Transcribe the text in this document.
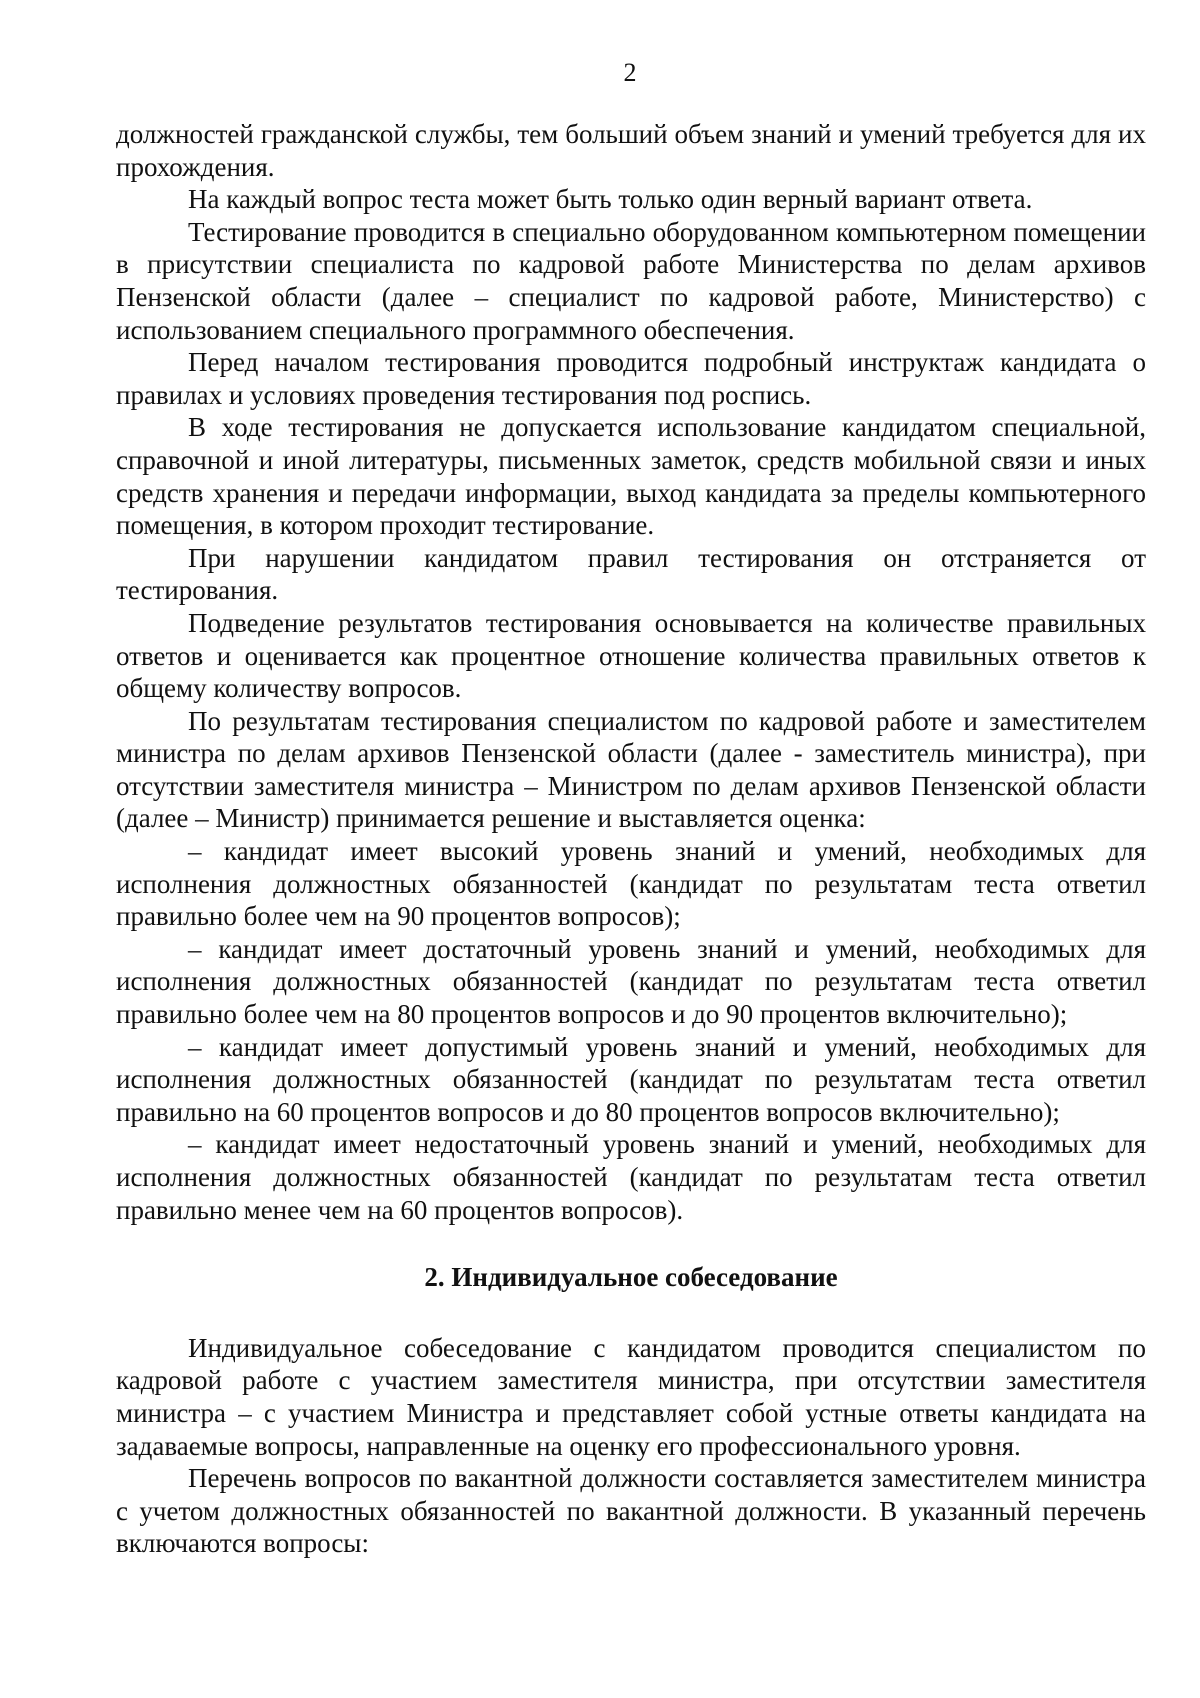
2

должностей гражданской службы, тем больший объем знаний и умений требуется для их прохождения.

На каждый вопрос теста может быть только один верный вариант ответа.

Тестирование проводится в специально оборудованном компьютерном помещении в присутствии специалиста по кадровой работе Министерства по делам архивов Пензенской области (далее – специалист по кадровой работе, Министерство) с использованием специального программного обеспечения.

Перед началом тестирования проводится подробный инструктаж кандидата о правилах и условиях проведения тестирования под роспись.

В ходе тестирования не допускается использование кандидатом специальной, справочной и иной литературы, письменных заметок, средств мобильной связи и иных средств хранения и передачи информации, выход кандидата за пределы компьютерного помещения, в котором проходит тестирование.

При нарушении кандидатом правил тестирования он отстраняется от тестирования.

Подведение результатов тестирования основывается на количестве правильных ответов и оценивается как процентное отношение количества правильных ответов к общему количеству вопросов.

По результатам тестирования специалистом по кадровой работе и заместителем министра по делам архивов Пензенской области (далее - заместитель министра), при отсутствии заместителя министра – Министром по делам архивов Пензенской области (далее – Министр) принимается решение и выставляется оценка:

– кандидат имеет высокий уровень знаний и умений, необходимых для исполнения должностных обязанностей (кандидат по результатам теста ответил правильно более чем на 90 процентов вопросов);

– кандидат имеет достаточный уровень знаний и умений, необходимых для исполнения должностных обязанностей (кандидат по результатам теста ответил правильно более чем на 80 процентов вопросов и до 90 процентов включительно);

– кандидат имеет допустимый уровень знаний и умений, необходимых для исполнения должностных обязанностей (кандидат по результатам теста ответил правильно на 60 процентов вопросов и до 80 процентов вопросов включительно);

– кандидат имеет недостаточный уровень знаний и умений, необходимых для исполнения должностных обязанностей (кандидат по результатам теста ответил правильно менее чем на 60 процентов вопросов).

2. Индивидуальное собеседование

Индивидуальное собеседование с кандидатом проводится специалистом по кадровой работе с участием заместителя министра, при отсутствии заместителя министра – с участием Министра и представляет собой устные ответы кандидата на задаваемые вопросы, направленные на оценку его профессионального уровня.

Перечень вопросов по вакантной должности составляется заместителем министра с учетом должностных обязанностей по вакантной должности. В указанный перечень включаются вопросы:
